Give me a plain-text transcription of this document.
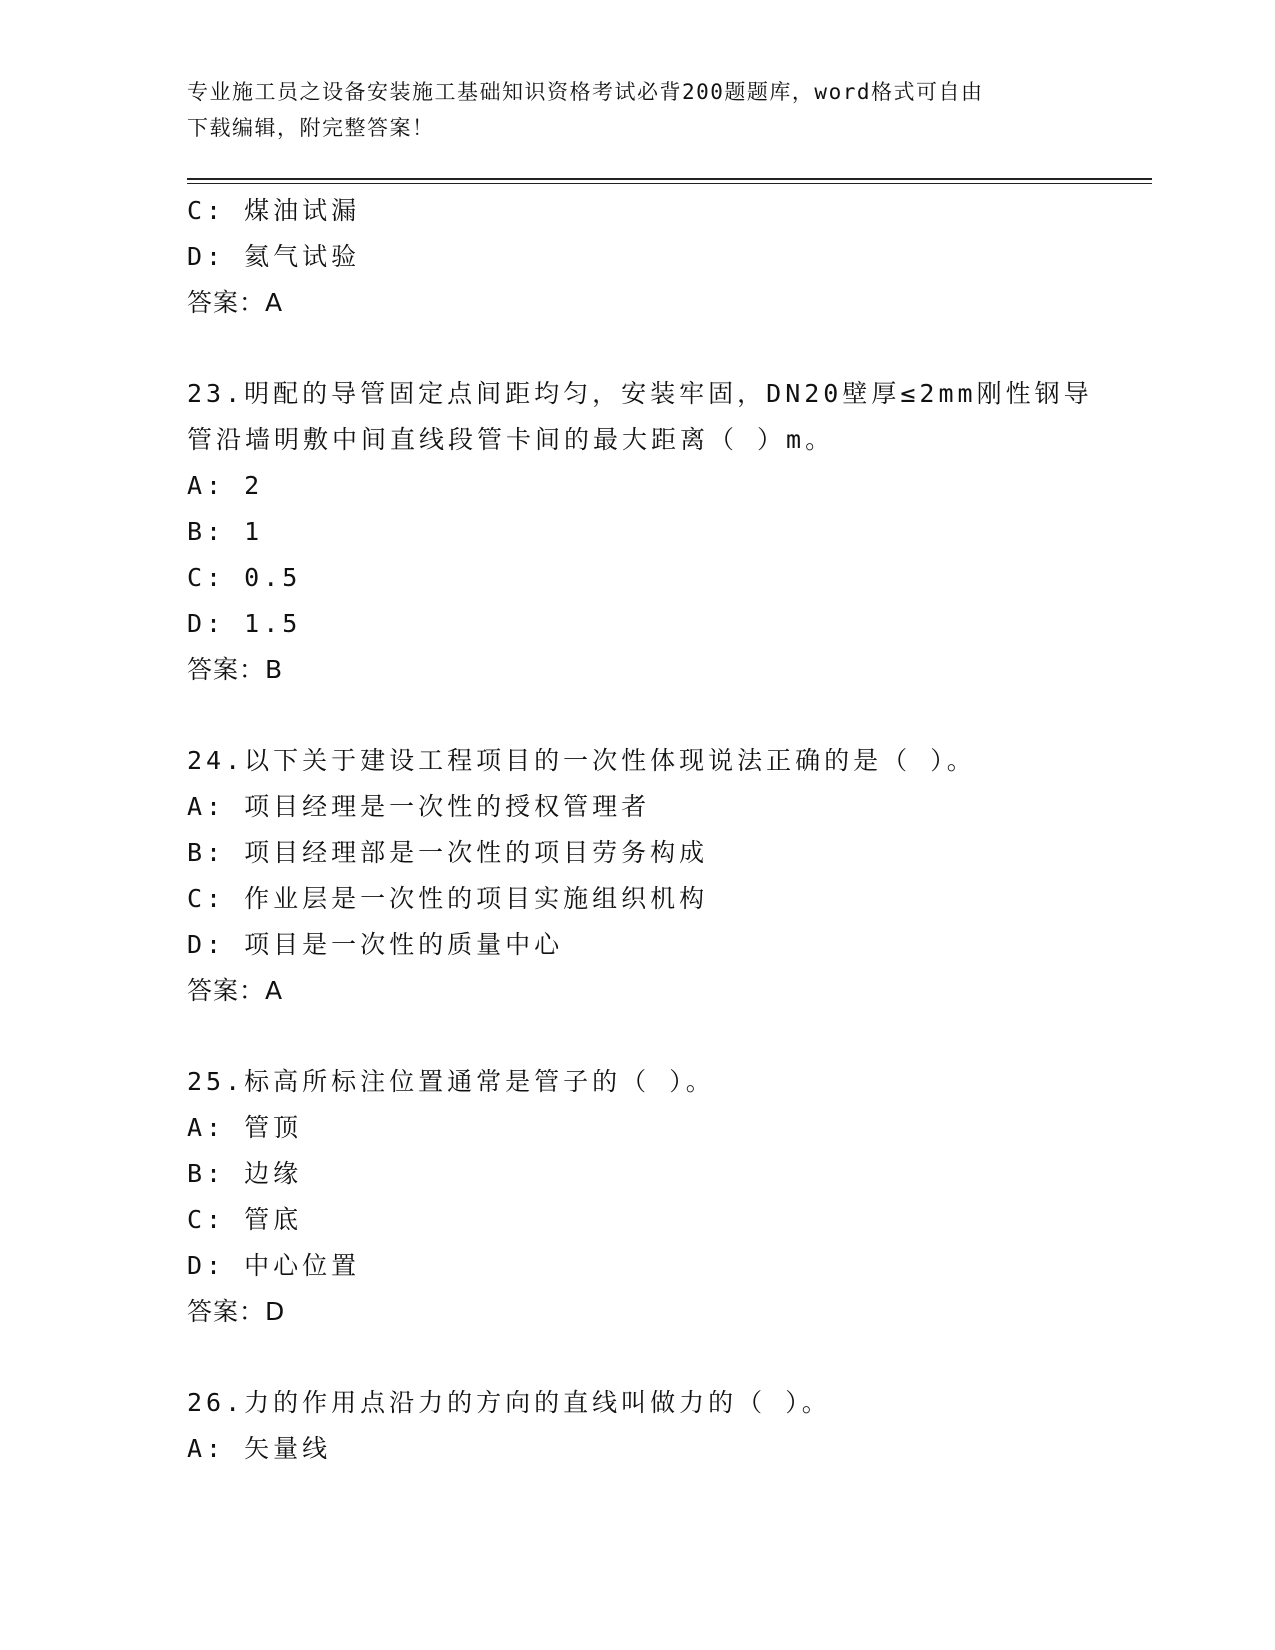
专业施工员之设备安装施工基础知识资格考试必背200题题库，word格式可自由
下载编辑，附完整答案！
C: 煤油试漏
D: 氦气试验
答案：A
23.明配的导管固定点间距均匀，安装牢固，DN20壁厚≤2mm刚性钢导
管沿墙明敷中间直线段管卡间的最大距离（ ）m。
A: 2
B: 1
C: 0.5
D: 1.5
答案：B
24.以下关于建设工程项目的一次性体现说法正确的是（ ）。
A: 项目经理是一次性的授权管理者
B: 项目经理部是一次性的项目劳务构成
C: 作业层是一次性的项目实施组织机构
D: 项目是一次性的质量中心
答案：A
25.标高所标注位置通常是管子的（ ）。
A: 管顶
B: 边缘
C: 管底
D: 中心位置
答案：D
26.力的作用点沿力的方向的直线叫做力的（ ）。
A: 矢量线
